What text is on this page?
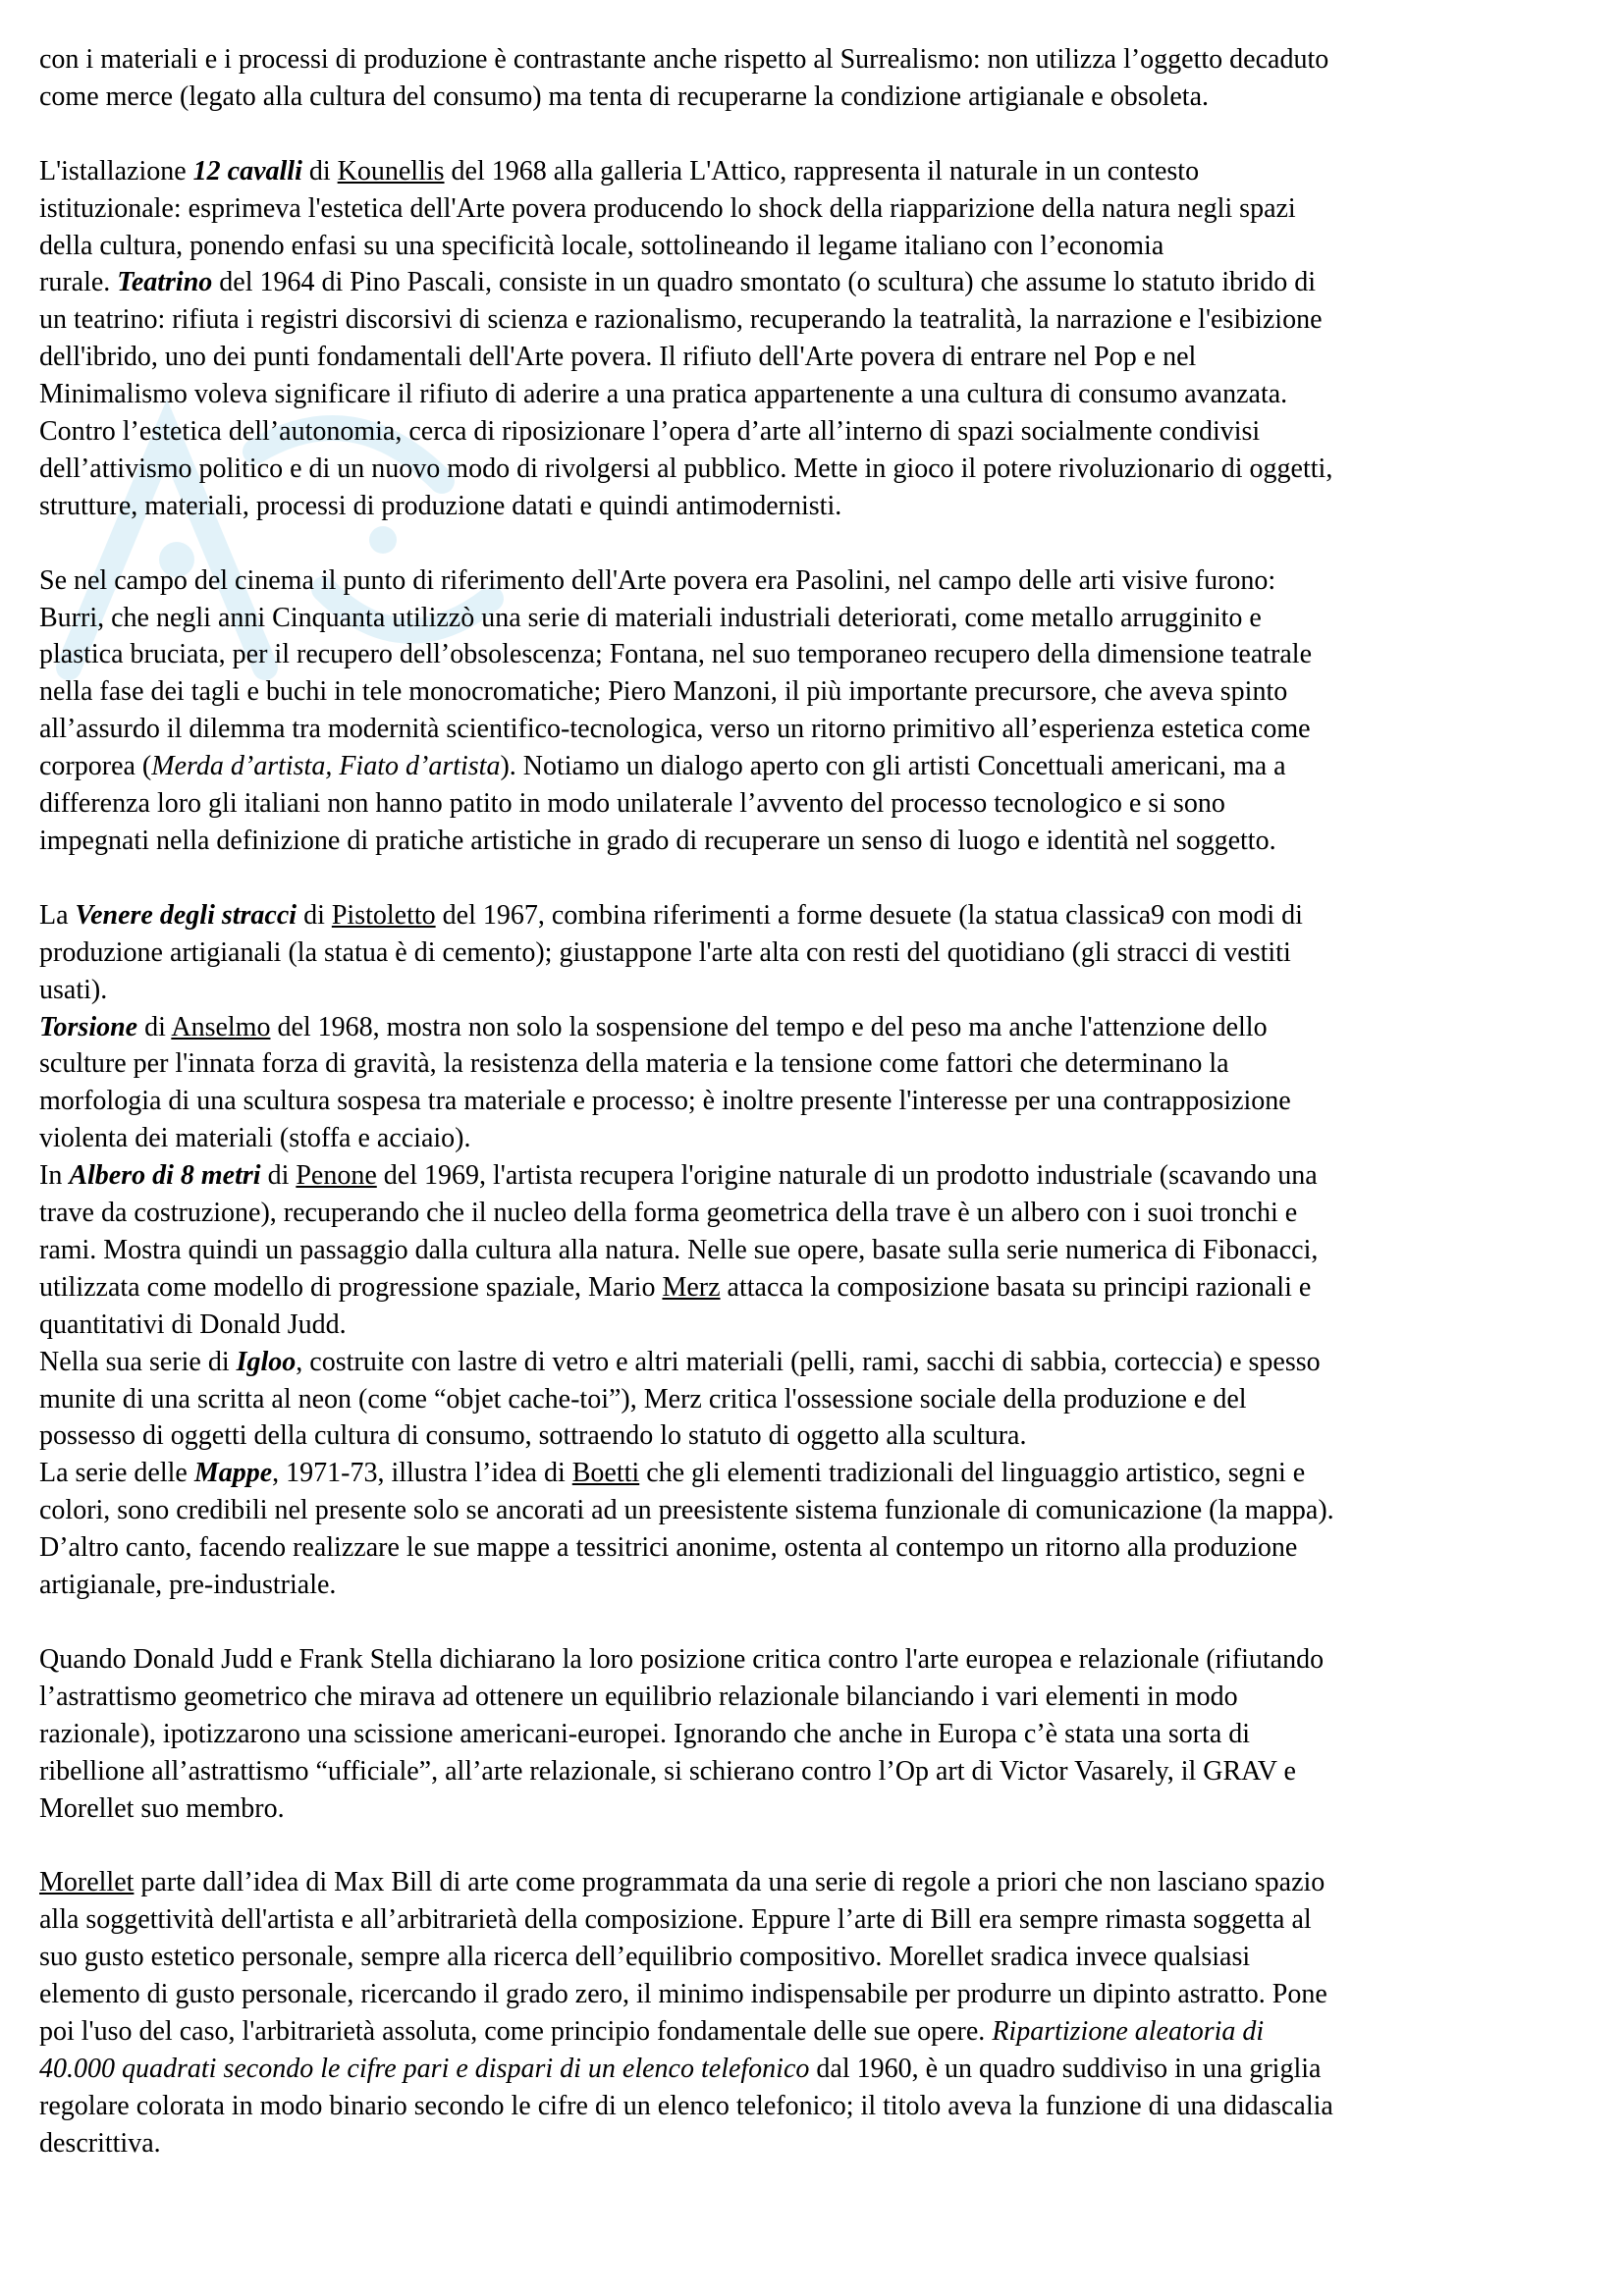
con i materiali e i processi di produzione è contrastante anche rispetto al Surrealismo: non utilizza l’oggetto decaduto

come merce (legato alla cultura del consumo) ma tenta di recuperarne la condizione artigianale e obsoleta.

L'istallazione 12 cavalli di Kounellis del 1968 alla galleria L'Attico, rappresenta il naturale in un contesto

istituzionale: esprimeva l'estetica dell'Arte povera producendo lo shock della riapparizione della natura negli spazi

della cultura, ponendo enfasi su una specificità locale, sottolineando il legame italiano con l’economia

rurale. Teatrino del 1964 di Pino Pascali, consiste in un quadro smontato (o scultura) che assume lo statuto ibrido di

un teatrino: rifiuta i registri discorsivi di scienza e razionalismo, recuperando la teatralità, la narrazione e l'esibizione

dell'ibrido, uno dei punti fondamentali dell'Arte povera. Il rifiuto dell'Arte povera di entrare nel Pop e nel

Minimalismo voleva significare il rifiuto di aderire a una pratica appartenente a una cultura di consumo avanzata.

Contro l’estetica dell’autonomia, cerca di riposizionare l’opera d’arte all’interno di spazi socialmente condivisi

dell’attivismo politico e di un nuovo modo di rivolgersi al pubblico. Mette in gioco il potere rivoluzionario di oggetti,

strutture, materiali, processi di produzione datati e quindi antimodernisti.

Se nel campo del cinema il punto di riferimento dell'Arte povera era Pasolini, nel campo delle arti visive furono:

Burri, che negli anni Cinquanta utilizzò una serie di materiali industriali deteriorati, come metallo arrugginito e

plastica bruciata, per il recupero dell’obsolescenza; Fontana, nel suo temporaneo recupero della dimensione teatrale

nella fase dei tagli e buchi in tele monocromatiche; Piero Manzoni, il più importante precursore, che aveva spinto

all’assurdo il dilemma tra modernità scientifico-tecnologica, verso un ritorno primitivo all’esperienza estetica come

corporea (Merda d’artista, Fiato d’artista). Notiamo un dialogo aperto con gli artisti Concettuali americani, ma a

differenza loro gli italiani non hanno patito in modo unilaterale l’avvento del processo tecnologico e si sono

impegnati nella definizione di pratiche artistiche in grado di recuperare un senso di luogo e identità nel soggetto.

La Venere degli stracci di Pistoletto del 1967, combina riferimenti a forme desuete (la statua classica9 con modi di

produzione artigianali (la statua è di cemento); giustappone l'arte alta con resti del quotidiano (gli stracci di vestiti

usati).

Torsione di Anselmo del 1968, mostra non solo la sospensione del tempo e del peso ma anche l'attenzione dello

sculture per l'innata forza di gravità, la resistenza della materia e la tensione come fattori che determinano la

morfologia di una scultura sospesa tra materiale e processo; è inoltre presente l'interesse per una contrapposizione

violenta dei materiali (stoffa e acciaio).

In Albero di 8 metri di Penone del 1969, l'artista recupera l'origine naturale di un prodotto industriale (scavando una

trave da costruzione), recuperando che il nucleo della forma geometrica della trave è un albero con i suoi tronchi e

rami. Mostra quindi un passaggio dalla cultura alla natura. Nelle sue opere, basate sulla serie numerica di Fibonacci,

utilizzata come modello di progressione spaziale, Mario Merz attacca la composizione basata su principi razionali e

quantitativi di Donald Judd.

Nella sua serie di Igloo, costruite con lastre di vetro e altri materiali (pelli, rami, sacchi di sabbia, corteccia) e spesso

munite di una scritta al neon (come “objet cache-toi”), Merz critica l'ossessione sociale della produzione e del

possesso di oggetti della cultura di consumo, sottraendo lo statuto di oggetto alla scultura.

La serie delle Mappe, 1971-73, illustra l’idea di Boetti che gli elementi tradizionali del linguaggio artistico, segni e

colori, sono credibili nel presente solo se ancorati ad un preesistente sistema funzionale di comunicazione (la mappa).

D’altro canto, facendo realizzare le sue mappe a tessitrici anonime, ostenta al contempo un ritorno alla produzione

artigianale, pre-industriale.

Quando Donald Judd e Frank Stella dichiarano la loro posizione critica contro l'arte europea e relazionale (rifiutando

l’astrattismo geometrico che mirava ad ottenere un equilibrio relazionale bilanciando i vari elementi in modo

razionale), ipotizzarono una scissione americani-europei. Ignorando che anche in Europa c’è stata una sorta di

ribellione all’astrattismo “ufficiale”, all’arte relazionale, si schierano contro l’Op art di Victor Vasarely, il GRAV e

Morellet suo membro.

Morellet parte dall’idea di Max Bill di arte come programmata da una serie di regole a priori che non lasciano spazio

alla soggettività dell'artista e all’arbitrarietà della composizione. Eppure l’arte di Bill era sempre rimasta soggetta al

suo gusto estetico personale, sempre alla ricerca dell’equilibrio compositivo. Morellet sradica invece qualsiasi

elemento di gusto personale, ricercando il grado zero, il minimo indispensabile per produrre un dipinto astratto. Pone

poi l'uso del caso, l'arbitrarietà assoluta, come principio fondamentale delle sue opere. Ripartizione aleatoria di

40.000 quadrati secondo le cifre pari e dispari di un elenco telefonico dal 1960, è un quadro suddiviso in una griglia

regolare colorata in modo binario secondo le cifre di un elenco telefonico; il titolo aveva la funzione di una didascalia

descrittiva.
